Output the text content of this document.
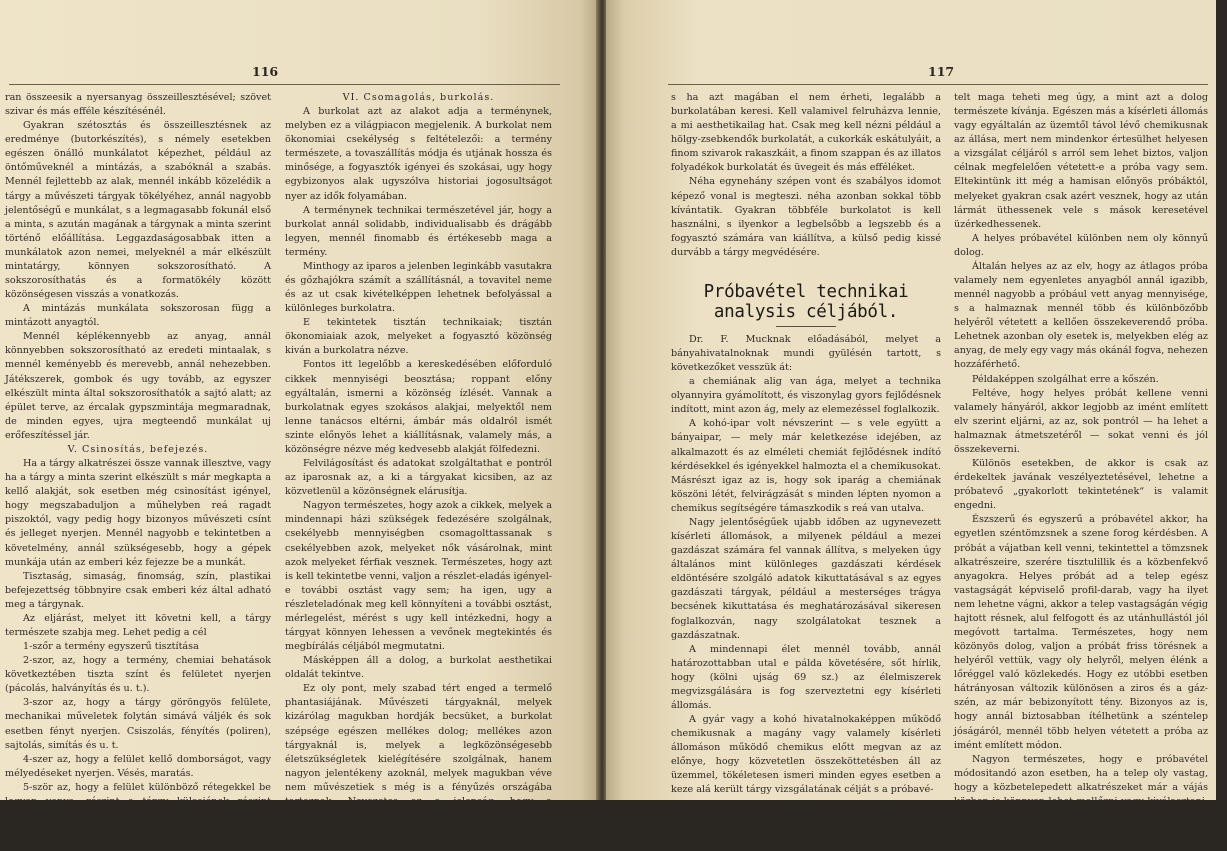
116

ran összeesik a nyersanyag összeillesztésével; szövet szivar és más efféle készítésénél.

Gyakran szétosztás és összeillesztésnek az eredménye (butorkészítés), s némely esetekben egészen önálló munkálatot képezhet, például az öntőműveknél a mintázás, a szabóknál a szabás. Mennél fejlettebb az alak, mennél inkább közelédik a tárgy a művészeti tárgyak tökélyéhez, annál nagyobb jelentőségű e munkálat, s a legmagasabb fokunál első a minta, s azután magának a tárgynak a minta szerint történő előállítása. Leggazdaságosabbak itten a munkálatok azon nemei, melyeknél a már elkészült mintatárgy, könnyen sokszorosítható. A sokszorosíthatás és a formatökély között közönségesen visszás a vonatkozás.

A mintázás munkálata sokszorosan függ a mintázott anyagtól.

Mennél képlékennyebb az anyag, annál könnyebben sokszorosítható az eredeti mintaalak, s mennél keményebb és merevebb, annál nehezebben. Játékszerek, gombok és ugy tovább, az egyszer elkészült minta által sokszorosíthatók a sajtó alatt; az épület terve, az ércalak gypszmintája megmaradnak, de minden egyes, ujra megteendő munkálat uj erőfeszítéssel jár.

V. Csinosítás, befejezés.

Ha a tárgy alkatrészei össze vannak illesztve, vagy ha a tárgy a minta szerint elkészült s már megkapta a kellő alakját, sok esetben még csinosítást igényel, hogy megszabaduljon a műhelyben reá ragadt piszoktól, vagy pedig hogy bizonyos művészeti csínt és jelleget nyerjen. Mennél nagyobb e tekintetben a követelmény, annál szükségesebb, hogy a gépek munkája után az emberi kéz fejezze be a munkát.

Tisztaság, simaság, finomság, szín, plastikai befejezettség többnyire csak emberi kéz által adható meg a tárgynak.

Az eljárást, melyet itt követni kell, a tárgy természete szabja meg. Lehet pedig a cél

1-szőr a termény egyszerű tisztítása

2-szor, az, hogy a termény, chemiai behatások következtében tiszta színt és felületet nyerjen (pácolás, halványítás és u. t.).

3-szor az, hogy a tárgy göröngyös felülete, mechanikai műveletek folytán simává váljék és sok esetben fényt nyerjen. Csiszolás, fényítés (poliren), sajtolás, simítás és u. t.

4-szer az, hogy a felület kellő domborságot, vagy mélyedéseket nyerjen. Vésés, maratás.

5-ször az, hogy a felület különböző rétegekkel be legyen vonva, részint a tárgy külsejének részint tartósságának fokozása céljából.

VI. Csomagolás, burkolás.

A burkolat azt az alakot adja a terménynek, melyben ez a világpiacon megjelenik. A burkolat nem ökonomiai csekélység s feltételezői: a termény természete, a tovaszállítás módja és utjának hossza és minősége, a fogyasztók igényei és szokásai, ugy hogy egybizonyos alak ugyszólva historiai jogosultságot nyer az idők folyamában.

A terménynek technikai természetével jár, hogy a burkolat annál solidabb, individualisabb és drágább legyen, mennél finomabb és értékesebb maga a termény.

Minthogy az iparos a jelenben leginkább vasutakra és gőzhajókra számít a szállításnál, a tovavitel neme és az ut csak kivételképpen lehetnek befolyással a különleges burkolatra.

E tekintetek tisztán technikaiak; tisztán ökonomiaiak azok, melyeket a fogyasztó közönség kiván a burkolatra nézve.

Fontos itt legelőbb a kereskedésében előforduló cikkek mennyiségi beosztása; roppant előny egyáltalán, ismerni a közönség ízlését. Vannak a burkolatnak egyes szokásos alakjai, melyektől nem lenne tanácsos eltérni, ámbár más oldalról ismét szinte előnyös lehet a kiállításnak, valamely más, a közönségre nézve még kedvesebb alakját fölfedezni.

Felvilágosítást és adatokat szolgáltathat e pontról az iparosnak az, a ki a tárgyakat kicsiben, az az közvetlenül a közönségnek elárusítja.

Nagyon természetes, hogy azok a cikkek, melyek a mindennapi házi szükségek fedezésére szolgálnak, csekélyebb mennyiségben csomagolttassanak s csekélyebben azok, melyeket nők vásárolnak, mint azok melyeket férfiak vesznek. Természetes, hogy azt is kell tekintetbe venni, valjon a részlet-eladás igényel-e további osztást vagy sem; ha igen, ugy a részleteladónak meg kell könnyíteni a további osztást, mérlegelést, mérést s ugy kell intézkedni, hogy a tárgyat könnyen lehessen a vevőnek megtekintés és megbírálás céljából megmutatni.

Másképpen áll a dolog, a burkolat aesthetikai oldalát tekintve.

Ez oly pont, mely szabad tért enged a termelő phantasiájának. Művészeti tárgyaknál, melyek kizárólag magukban hordják becsüket, a burkolat szépsége egészen mellékes dolog; mellékes azon tárgyaknál is, melyek a legközönségesebb életszükségletek kielégítésére szolgálnak, hanem nagyon jelentékeny azoknál, melyek magukban véve nem művészetiek s még is a fényűzés országába tartoznak. Nevezetes az a jelenség, hogy a legjelentéktelenebb tárgy is mintegy törekszik az aesthetikai szépségre,

117

s ha azt magában el nem érheti, legalább a burkolatában keresi. Kell valamivel felruházva lennie, a mi aesthetikailag hat. Csak meg kell nézni például a hölgy-zsebkendők burkolatát, a cukorkák eskátulyáit, a finom szivarok rakaszkáit, a finom szappan és az illatos folyadékok burkolatát és üvegeit és más efféléket.

Néha egynehány szépen vont és szabályos idomot képező vonal is megteszi. néha azonban sokkal több kívántatik. Gyakran többféle burkolatot is kell használni, s ilyenkor a legbelsőbb a legszebb és a fogyasztó számára van kiállítva, a külső pedig kissé durvább a tárgy megvédésére.

Próbavétel technikai analysis céljából.

Dr. F. Mucknak előadásából, melyet a bányahivatalnoknak mundi gyülésén tartott, s következőket vesszük át:

a chemiának alig van ága, melyet a technika olyannyira gyámolított, és viszonylag gyors fejlődésnek indított, mint azon ág, mely az elemezéssel foglalkozik.

A kohó-ipar volt névszerint — s vele együtt a bányaipar, — mely már keletkezése idejében, az alkalmazott és az elméleti chemiát fejlődésnek indító kérdésekkel és igényekkel halmozta el a chemikusokat. Másrészt igaz az is, hogy sok iparág a chemiának köszöni létét, felvirágzását s minden lépten nyomon a chemikus segítségére támaszkodik s reá van utalva.

Nagy jelentőségűek ujabb időben az ugynevezett kísérleti állomások, a milyenek például a mezei gazdászat számára fel vannak állítva, s melyeken úgy általános mint különleges gazdászati kérdések eldöntésére szolgáló adatok kikuttatásával s az egyes gazdászati tárgyak, például a mesterséges trágya becsének kikuttatása és meghatározásával sikeresen foglalkozván, nagy szolgálatokat tesznek a gazdászatnak.

A mindennapi élet mennél tovább, annál határozottabban utal e pálda követésére, sőt hírlik, hogy (kölni ujság 69 sz.) az élelmiszerek megvizsgálására is fog szerveztetni egy kísérleti állomás.

A gyár vagy a kohó hivatalnokaképpen működő chemikusnak a magány vagy valamely kísérleti állomáson működő chemikus előtt megvan az az előnye, hogy közvetetlen összeköttetésben áll az üzemmel, tökéletesen ismeri minden egyes esetben a keze alá került tárgy vizsgálatának célját s a próbavé-

telt maga teheti meg úgy, a mint azt a dolog természete kívánja. Egészen más a kísérleti állomás vagy egyáltalán az üzemtől távol lévő chemikusnak az állása, mert nem mindenkor értesülhet helyesen a vizsgálat céljáról s arról sem lehet biztos, valjon célnak megfelelően vétetett-e a próba vagy sem. Eltekintünk itt még a hamisan előnyös próbáktól, melyeket gyakran csak azért vesznek, hogy az után lármát üthessenek vele s mások keresetével üzérkedhessenek.

A helyes próbavétel különben nem oly könnyű dolog.

Általán helyes az az elv, hogy az átlagos próba valamely nem egyenletes anyagból annál igazibb, mennél nagyobb a próbául vett anyag mennyisége, s a halmaznak mennél több és különbözőbb helyéről vétetett a kellően összekeverendő próba. Lehetnek azonban oly esetek is, melyekben elég az anyag, de mely egy vagy más okánál fogva, nehezen hozzáférhető.

Példaképpen szolgálhat erre a kőszén.

Feltéve, hogy helyes próbát kellene venni valamely hányáról, akkor legjobb az imént említett elv szerint eljárni, az az, sok pontról — ha lehet a halmaznak átmetszetéről — sokat venni és jól összekeverni.

Különös esetekben, de akkor is csak az érdekeltek javának veszélyeztetésével, lehetne a próbatevő „gyakorlott tekintetének“ is valamit engedni.

Észszerű és egyszerű a próbavétel akkor, ha egyetlen széntömzsnek a szene forog kérdésben. A próbát a vájatban kell venni, tekintettel a tömzsnek alkatrészeire, szerére tisztulillik és a közbenfekvő anyagokra. Helyes próbát ad a telep egész vastagságát képviselő profil-darab, vagy ha ilyet nem lehetne vágni, akkor a telep vastagságán végig hajtott résnek, alul felfogott és az utánhullástól jól megóvott tartalma. Természetes, hogy nem közönyös dolog, valjon a próbát friss törésnek a helyéről vettük, vagy oly helyről, melyen élénk a lőréggel való közlekedés. Hogy ez utóbbi esetben hátrányosan változik különösen a ziros és a gáz-szén, az már bebizonyított tény. Bizonyos az is, hogy annál biztosabban ítélhetünk a széntelep jóságáról, mennél több helyen vétetett a próba az imént említett módon.

Nagyon természetes, hogy e próbavétel módositandó azon esetben, ha a telep oly vastag, hogy a közbetelepedett alkatrészeket már a vájás közben is könnyen lehet mellőzni vagy kiválasztani. Ez esetben magával a próbával is ugyanazt kell tenni, másküldönben a próba éppen ellenkezője lenne annak, a mit „hizelgő próbának“ neveznek.
